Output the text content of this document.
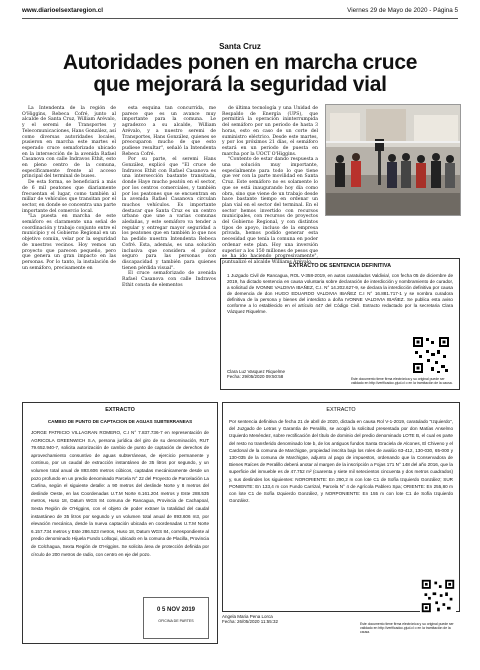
www.diarioelsextaregion.cl	Viernes 29 de Mayo de 2020 - Página 5
Santa Cruz
Autoridades ponen en marcha cruce
que mejorará la seguridad vial

La Intendenta de la región de O'Higgins, Rebeca Cofré, junto al alcalde de Santa Cruz, William Arévalo, y el seremi de Transportes y Telecomunicaciones, Hans González, así como diversas autoridades locales, pusieron en marcha este martes el esperado cruce semaforizado ubicado en la intersección de la avenida Rafael Casanova con calle Indravos Ethit, esto en pleno centro de la comuna, específicamente frente al acceso principal del terminal de buses.

De esta forma, se beneficiará a más de 6 mil peatones que diariamente frecuentan el lugar, como también al millar de vehículos que transitan por el sector, en donde se concentra una parte importante del comercio local.

"La puesta en marcha de este semáforo es claramente una señal de coordinación y trabajo conjunto entre el municipio y el Gobierno Regional en un objetivo común, velar por la seguridad de nuestros vecinos. Hoy vemos un proyecto que parecen pequeño, pero que genera un gran impacto en las personas. Por lo tanto, la instalación de un semáforo, precisamente en

esta esquina tan concurrida, me parece que es un avance muy importante para la comuna. Le agradezco a su alcalde, William Arévalo, y a nuestro seremi de Transportes, Hans González, quienes se preocuparon mucho de que esto pudiese resultar", señaló la Intendenta Rebeca Cofré.

Por su parte, el seremi Hans González, explicó que "El cruce de Indravos Ethit con Rafael Casanova es una intersección bastante transitada, donde Haye mucho peatón en el sector, por los centros comerciales, y también por los peatones que se encuentran en la avenida Rafael Casanova circulan muchos vehículos. Es importante destacar que Santa Cruz es un centro urbano que une a varias comunas aledañas, y este semáforo va tender a regular y entregar mayor seguridad a los peatones que en también lo que nos ha pedido nuestra Intendenta Rebeca Cofré. Esta, además, es una solución inclusiva que considera el pulsor seguro para las personas con discapacidad y también para quienes tienen pérdida visual".

El cruce semaforizado de avenida Rafael Casanova con calle Indravos Ethit consta de elementos

de última tecnología y una Unidad de Respaldo de Energía (UPS), que permitirá la operación ininterrumpida del semáforo por un periodo de hasta 3 horas, esto en caso de un corte del suministro eléctrico. Desde este martes, y por los próximos 21 días, el semáforo estará en un periodo de puesta en marcha por la UOCT O'Higgins.

"Contento de estar dando respuesta a una solución muy importante, especialmente para todo lo que tiene que ver con la parte movilidad en Santa Cruz. Este semáforo no es solamente lo que se está inaugurando hoy día como obra, sino que viene de un trabajo desde hace bastante tiempo en ordenar un plan vial en el sector del terminal. En el sector hemos invertido con recursos municipales, con recursos de proyectos del Gobierno Regional, y con distintos tipos de apoyo, incluso de la empresa privada, hemos podido generar esta necesidad que tenía la comuna en poder ordenar este plan. Hoy una inversión superior a los 150 millones de pesos que se ha ido haciendo progresivamente", puntualizó el alcalde Williams Arévalo.

EXTRACTO DE SENTENCIA DEFINITIVA
1 Juzgado Civil de Rancagua, ROL V-358-2019, en autos caratulados Valdivia/, con fecha 05 de diciembre de 2019, ha dictado sentencia en causa voluntaria sobre declaración de interdicción y nombramiento de curador, a solicitud de IVONNE VALDIVIA IBAÑEZ, C.I. N° 14.202.627-9, se declara la interdicción definitiva por causa de demencia de don HUGO EDUARDO VALDIVIA IBAÑEZ C.I N° 16.881.717-1 y se nombra curadora definitiva de la persona y bienes del interdicto a doña IVONNE VALDIVIA IBAÑEZ. Se publica esta aviso conforme a lo establecido en el artículo 447 del Código Civil. Extracto redactado por la secretaria Clara Vázquez Riquelme.
Clara Luz Vasquez Riquelme
Fecha: 29/05/2020 09:50:58	Este documento tiene firma electrónica y su original puede ser validado en http://verificadoc.pjud.cl o en la tramitación de la causa.
EXTRACTO
CAMBIO DE PUNTO DE CAPTACION DE AGUAS SUBTERRANEAS
JORGE PATRICIO VILLAGRAN ROMERO, C.I N° 7.837.736-7 en representación de AGRICOLA GREENWICH S.A, persona jurídica del giro de su denominación, RUT 79.652.940-7, solicita autorización de cambio de punto de captación de derechos de aprovechamiento consuntivo de aguas subterráneas, de ejercicio permanente y continuo, por un caudal de extracción instantáneo de 35 litros por segundo, y un volumen total anual de 893.606 metros cúbicos, captadas mecánicamente desde un pozo profundo en un predio denominado Parcela N° 22 del Proyecto de Parcelación La Carlina, según el siguiente detalle: a 90 metros del deslinde Norte y 8 metros del deslinde Oeste, en las Coordenadas U.T.M Norte 6.161.204 metros y Este 288.535 metros, Huso 18, Datum WGS 84 comuna de Rancagua, Provincia de Cachapoal, Sexta Región de O'Higgins, con el objeto de poder extraer la totalidad del caudal instantáneo de 35 litros por segundo y un volumen total anual de 893.606 m3, por elevación mecánica, desde la nueva captación ubicada en coordenadas U.T.M Norte 6.157.734 metros y Este 286.523 metros, Huso 18, Datum WGS 84, correspondiente al predio denominado Hijuela Fundo Lolloqui, ubicado en la comuna de Placilla, Provincia de Colchagua, Sexta Región de O'Higgins. Se solicita área de protección definida por círculo de 200 metros de radio, con centro en eje del pozo.
0 5 NOV 2019
OFICINA DE PARTES
EXTRACTO
Por sentencia definitiva de fecha 21 de abril de 2020, dictada en causa Rol V-1-2019, caratulado "Izquierdo", del Juzgado de Letras y Garantía de Peralillo, se acogió la solicitud presentada por don Matías Anselmo Izquierdo Menéndez, sobre rectificación del título de dominio del predio denominado LOTE B, el cual es parte del resto no transferido denominado lote b, de los antiguos fundos Santa Graciela de Alcones, El Chiveno y el Cardonal de la comuna de Marchigüe, propiedad inscrita bajo los roles de avalúo 63-412, 130-030, 65-000 y 130-035 de la comuna de Marchigüe, adjunto al pago de impuestos, ordenando que la Conservadora de Bienes Raíces de Peralillo deberá anotar al margen de la inscripción a Fojas 171 N° 148 del año 2016, que la superficie del inmueble es de 47.752 m² (cuarenta y siete mil setecientos cincuenta y dos metros cuadrados) y, sus deslindes los siguientes: NORORIENTE: En 290,2 m con lote C1 de Sofía Izquierdo González; SUR PONIENTE: En 133,4 m con Fundo Carrizal, Parcela N° 4 de Agrícola Pablero Spa; ORIENTE: En 255,80 m con lote C1 de Sofía Izquierdo González, y NORPONIENTE: En 155 m con lote C1 de Sofía Izquierdo González.
Angela Maria Pena Lorca
Fecha: 26/05/2020 11:55:32	Este documento tiene firma electrónica y su original puede ser validado en http://verificadoc.pjud.cl o en la tramitación de la causa.
